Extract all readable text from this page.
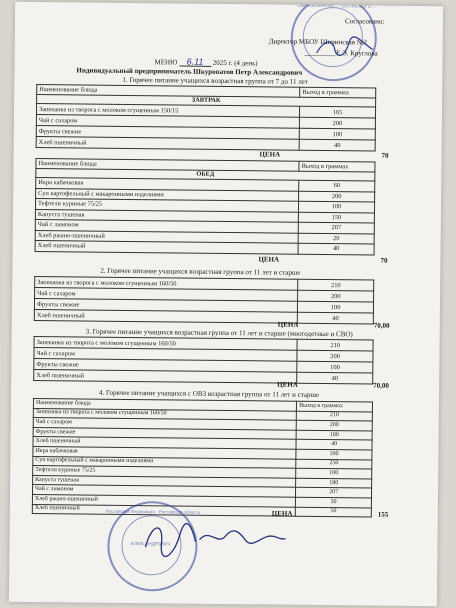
ОБРАЗОВАНИЕ ... СЕЛЬСКОГО ...
Согласовано:
Директор МБОУ Ширинская №2
_________Е.Э. Круглова
МЕНЮ 6.11 2025 г. (4 день)
Индивидуальный предприниматель Шкуропатов Петр Александрович
1. Горячее питание учащихся возрастная группа от 7 до 11 лет
Наименование блюда	Выход в граммах
ЗАВТРАК	
Запеканка из творога с молоком сгущенным 150/15	165
Чай с сахаром	200
Фрукты свежие	100
Хлеб пшеничный	40
ЦЕНА	70
Наименование блюда	Выход в граммах
ОБЕД	
Икра кабачковая	60
Суп картофельный с макаронными изделиями	200
Тефтели куриные 75/25	100
Капуста тушеная	150
Чай с лимоном	207
Хлеб ржано-пшеничный	20
Хлеб пшеничный	40
ЦЕНА	70
2. Горячее питание учащихся возрастная группа от 11 лет и старше
Запеканка из творога с молоком сгущенным 160/50	210
Чай с сахаром	200
Фрукты свежие	100
Хлеб пшеничный	40
ЦЕНА	70,00
3. Горячее питание учащихся возрастная группа от 11 лет и старше (многодетные и СВО)
Запеканка из творога с молоком сгущенным 160/50	210
Чай с сахаром	200
Фрукты свежие	100
Хлеб пшеничный	40
ЦЕНА	70,00
4. Горячее питание учащихся с ОВЗ возрастная группа от 11 лет и старше
Наименование блюда	Выход в граммах
Запеканка из творога с молоком сгущенным 160/50	210
Чай с сахаром	200
Фрукты свежие	100
Хлеб пшеничный	40
Икра кабачковая	100
Суп картофельный с макаронными изделиями	250
Тефтели куриные 75/25	100
Капуста тушеная	180
Чай с лимоном	207
Хлеб ржано-пшеничный	30
Хлеб пшеничный	50
ЦЕНА	155
Российская Федерация · Ростовская область
АЛЕКСАНДРОВИЧ
